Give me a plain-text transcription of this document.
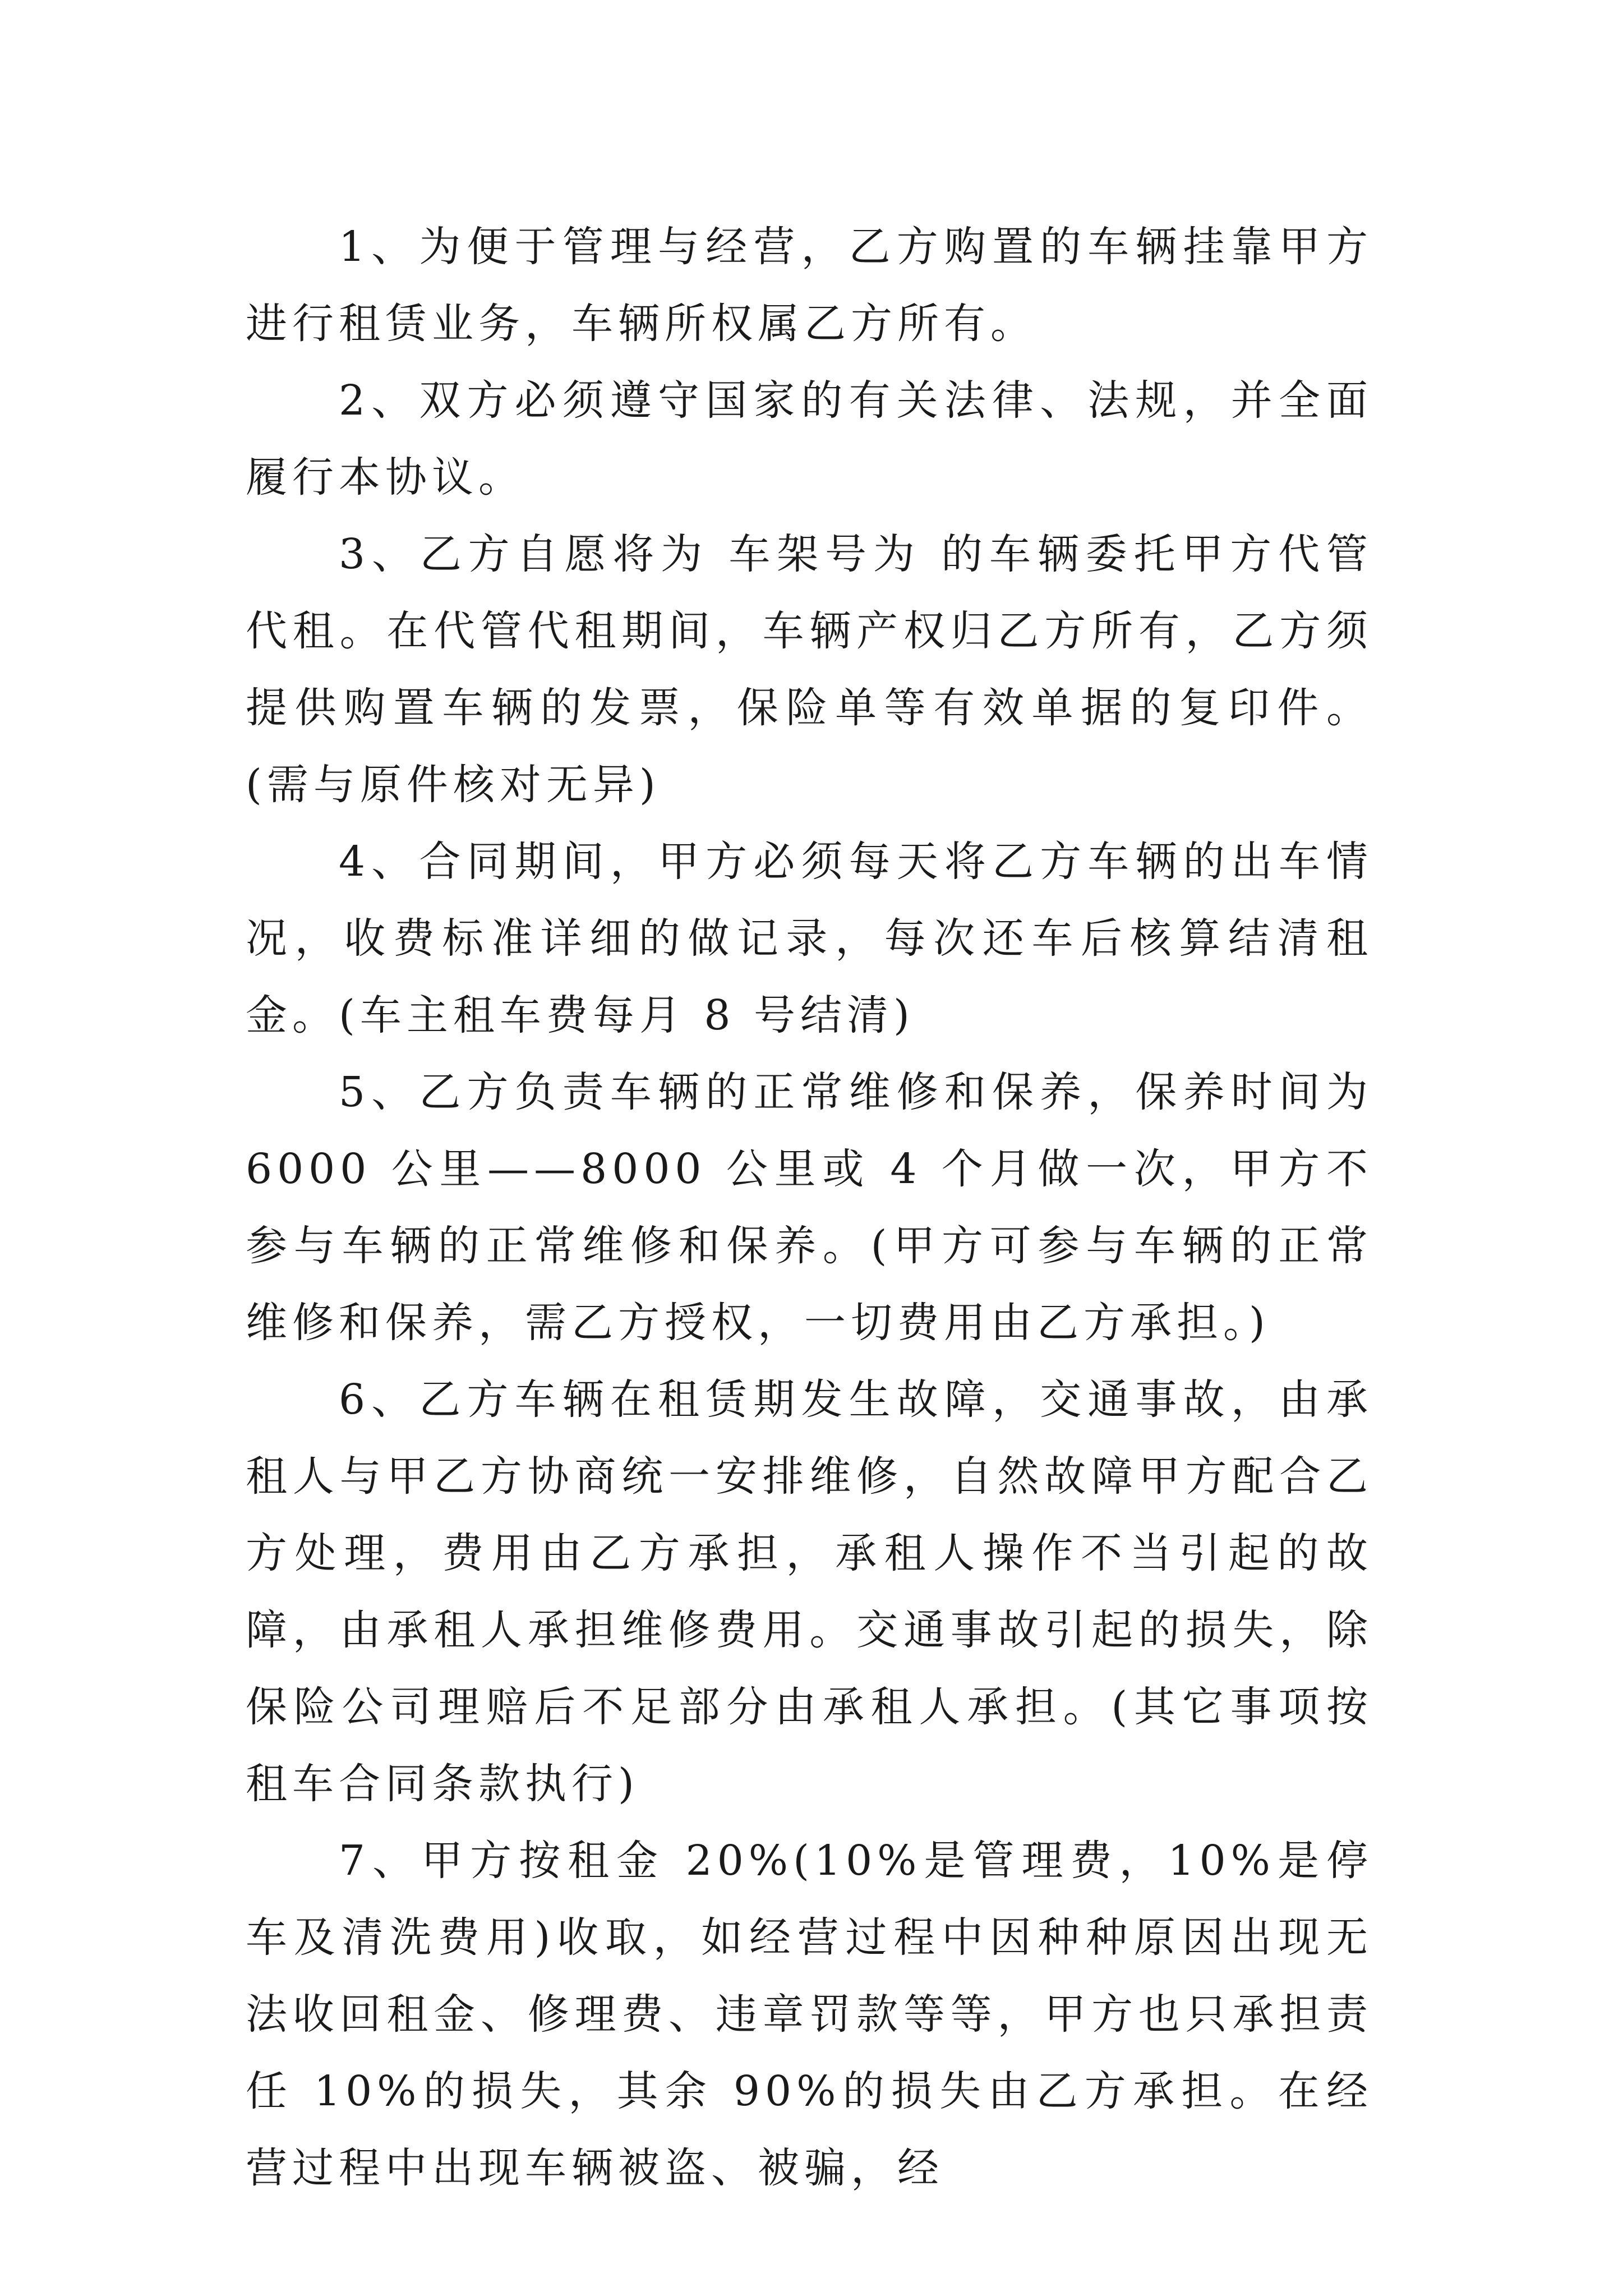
1、为便于管理与经营，乙方购置的车辆挂靠甲方进行租赁业务，车辆所权属乙方所有。

2、双方必须遵守国家的有关法律、法规，并全面履行本协议。

3、乙方自愿将为 车架号为 的车辆委托甲方代管代租。在代管代租期间，车辆产权归乙方所有，乙方须提供购置车辆的发票，保险单等有效单据的复印件。(需与原件核对无异)

4、合同期间，甲方必须每天将乙方车辆的出车情况，收费标准详细的做记录，每次还车后核算结清租金。(车主租车费每月 8 号结清)

5、乙方负责车辆的正常维修和保养，保养时间为 6000 公里——8000 公里或 4 个月做一次，甲方不参与车辆的正常维修和保养。(甲方可参与车辆的正常维修和保养，需乙方授权，一切费用由乙方承担。)

6、乙方车辆在租赁期发生故障，交通事故，由承租人与甲乙方协商统一安排维修，自然故障甲方配合乙方处理，费用由乙方承担，承租人操作不当引起的故障，由承租人承担维修费用。交通事故引起的损失，除保险公司理赔后不足部分由承租人承担。(其它事项按租车合同条款执行)

7、甲方按租金 20%(10%是管理费，10%是停车及清洗费用)收取，如经营过程中因种种原因出现无法收回租金、修理费、违章罚款等等，甲方也只承担责任 10%的损失，其余 90%的损失由乙方承担。在经营过程中出现车辆被盗、被骗，经
